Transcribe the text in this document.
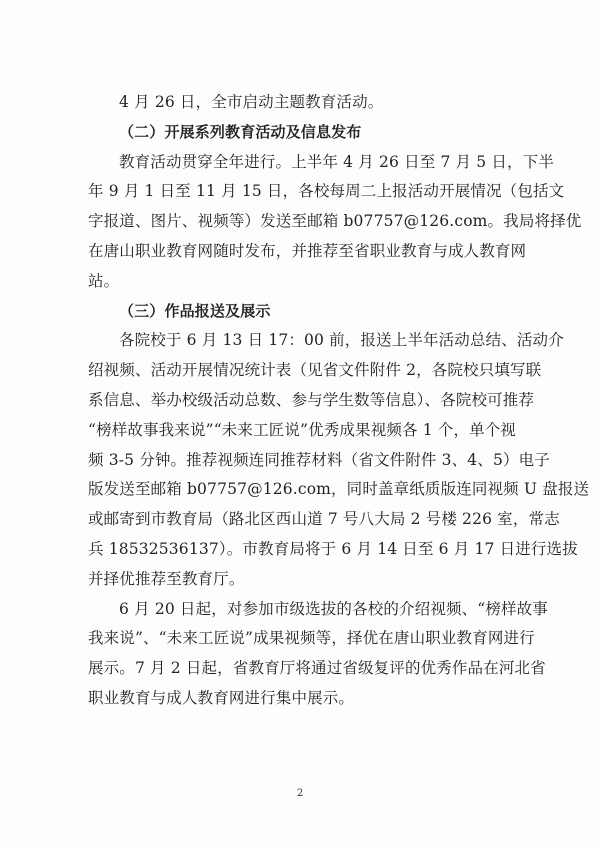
4 月 26 日，全市启动主题教育活动。
（二）开展系列教育活动及信息发布
教育活动贯穿全年进行。上半年 4 月 26 日至 7 月 5 日，下半
年 9 月 1 日至 11 月 15 日，各校每周二上报活动开展情况（包括文
字报道、图片、视频等）发送至邮箱 b07757@126.com。我局将择优
在唐山职业教育网随时发布，并推荐至省职业教育与成人教育网
站。
（三）作品报送及展示
各院校于 6 月 13 日 17：00 前，报送上半年活动总结、活动介
绍视频、活动开展情况统计表（见省文件附件 2，各院校只填写联
系信息、举办校级活动总数、参与学生数等信息）、各院校可推荐
“榜样故事我来说”“未来工匠说”优秀成果视频各 1 个，单个视
频 3-5 分钟。推荐视频连同推荐材料（省文件附件 3、4、5）电子
版发送至邮箱 b07757@126.com，同时盖章纸质版连同视频 U 盘报送
或邮寄到市教育局（路北区西山道 7 号八大局 2 号楼 226 室，常志
兵 18532536137）。市教育局将于 6 月 14 日至 6 月 17 日进行选拔
并择优推荐至教育厅。
6 月 20 日起，对参加市级选拔的各校的介绍视频、“榜样故事
我来说”、“未来工匠说”成果视频等，择优在唐山职业教育网进行
展示。7 月 2 日起，省教育厅将通过省级复评的优秀作品在河北省
职业教育与成人教育网进行集中展示。
2
